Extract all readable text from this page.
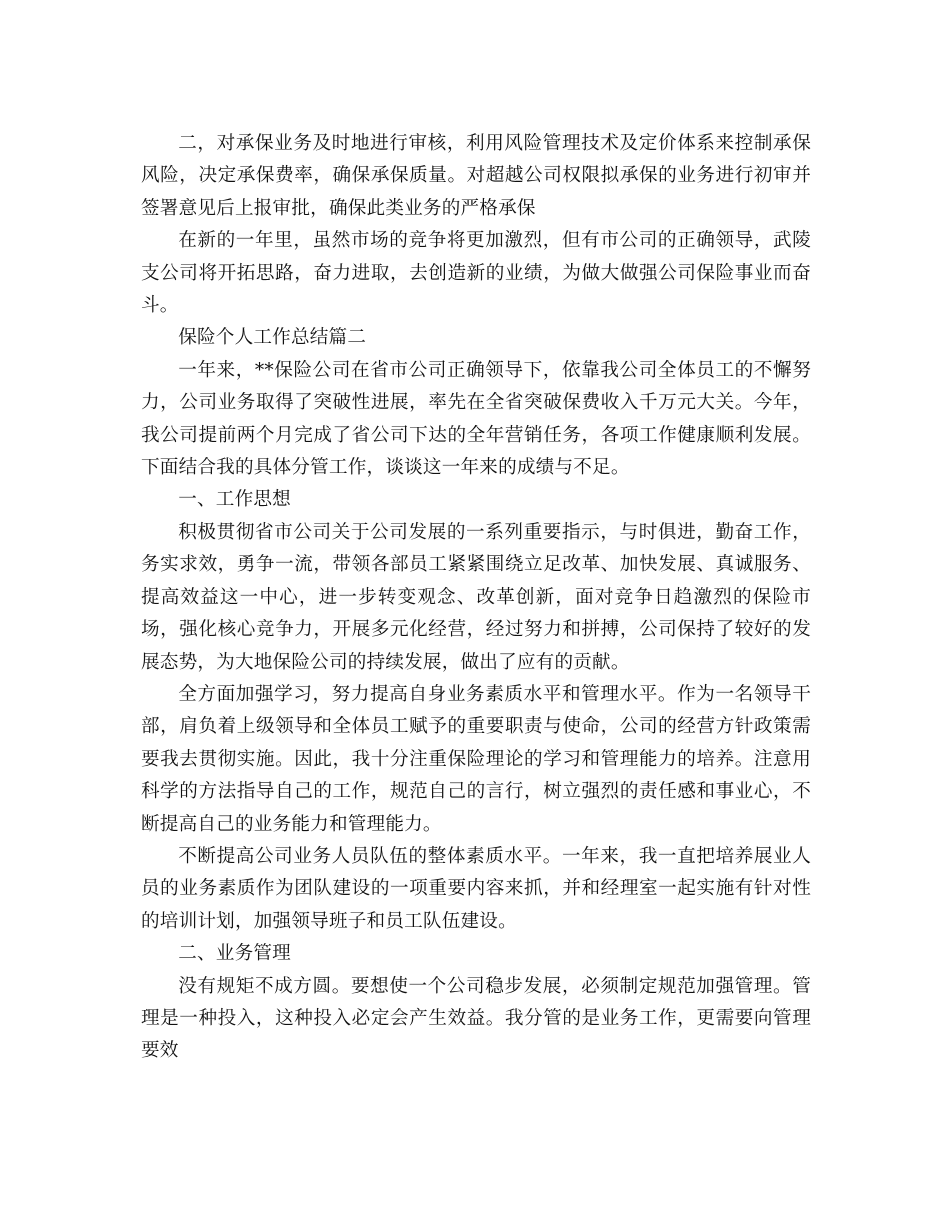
二，对承保业务及时地进行审核，利用风险管理技术及定价体系来控制承保风险，决定承保费率，确保承保质量。对超越公司权限拟承保的业务进行初审并签署意见后上报审批，确保此类业务的严格承保

在新的一年里，虽然市场的竞争将更加激烈，但有市公司的正确领导，武陵支公司将开拓思路，奋力进取，去创造新的业绩，为做大做强公司保险事业而奋斗。

保险个人工作总结篇二

一年来，**保险公司在省市公司正确领导下，依靠我公司全体员工的不懈努力，公司业务取得了突破性进展，率先在全省突破保费收入千万元大关。今年，我公司提前两个月完成了省公司下达的全年营销任务，各项工作健康顺利发展。下面结合我的具体分管工作，谈谈这一年来的成绩与不足。

一、工作思想

积极贯彻省市公司关于公司发展的一系列重要指示，与时俱进，勤奋工作，务实求效，勇争一流，带领各部员工紧紧围绕立足改革、加快发展、真诚服务、提高效益这一中心，进一步转变观念、改革创新，面对竞争日趋激烈的保险市场，强化核心竞争力，开展多元化经营，经过努力和拼搏，公司保持了较好的发展态势，为大地保险公司的持续发展，做出了应有的贡献。

全方面加强学习，努力提高自身业务素质水平和管理水平。作为一名领导干部，肩负着上级领导和全体员工赋予的重要职责与使命，公司的经营方针政策需要我去贯彻实施。因此，我十分注重保险理论的学习和管理能力的培养。注意用科学的方法指导自己的工作，规范自己的言行，树立强烈的责任感和事业心，不断提高自己的业务能力和管理能力。

不断提高公司业务人员队伍的整体素质水平。一年来，我一直把培养展业人员的业务素质作为团队建设的一项重要内容来抓，并和经理室一起实施有针对性的培训计划，加强领导班子和员工队伍建设。

二、业务管理

没有规矩不成方圆。要想使一个公司稳步发展，必须制定规范加强管理。管理是一种投入，这种投入必定会产生效益。我分管的是业务工作，更需要向管理要效
